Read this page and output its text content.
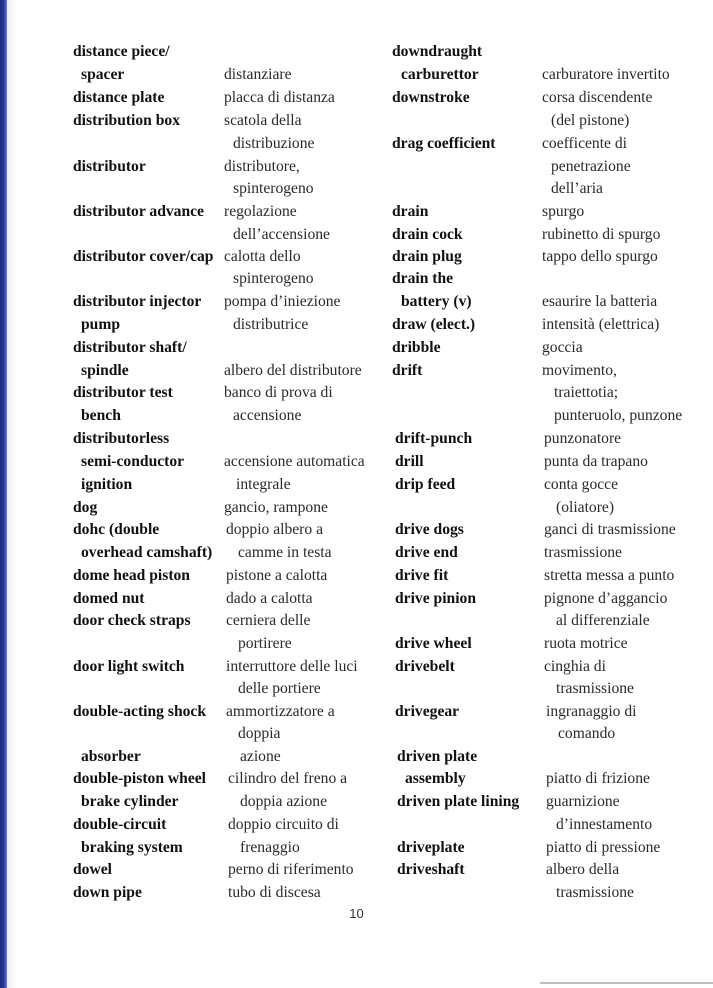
distance piece/
spacer
distance plate
distribution box
distributor
distributor advance
distributor cover/cap
distributor injector
pump
distributor shaft/
spindle
distributor test
bench
distributorless
semi-conductor
ignition
dog
dohc (double
overhead camshaft)
dome head piston
domed nut
door check straps
door light switch
double-acting shock
absorber
double-piston wheel
brake cylinder
double-circuit
braking system
dowel
down pipe
distanziare
placca di distanza
scatola della
distribuzione
distributore,
spinterogeno
regolazione
dell’accensione
calotta dello
spinterogeno
pompa d’iniezione
distributrice
albero del distributore
banco di prova di
accensione
accensione automatica
integrale
gancio, rampone
doppio albero a
camme in testa
pistone a calotta
dado a calotta
cerniera delle
portirere
interruttore delle luci
delle portiere
ammortizzatore a
doppia
azione
cilindro del freno a
doppia azione
doppio circuito di
frenaggio
perno di riferimento
tubo di discesa
downdraught
carburettor
downstroke
drag coefficient
drain
drain cock
drain plug
drain the
battery (v)
draw (elect.)
dribble
drift
drift-punch
drill
drip feed
drive dogs
drive end
drive fit
drive pinion
drive wheel
drivebelt
drivegear
driven plate
assembly
driven plate lining
driveplate
driveshaft
carburatore invertito
corsa discendente
(del pistone)
coefficente di
penetrazione
dell’aria
spurgo
rubinetto di spurgo
tappo dello spurgo
esaurire la batteria
intensità (elettrica)
goccia
movimento,
traiettotia;
punteruolo, punzone
punzonatore
punta da trapano
conta gocce
(oliatore)
ganci di trasmissione
trasmissione
stretta messa a punto
pignone d’aggancio
al differenziale
ruota motrice
cinghia di
trasmissione
ingranaggio di
comando
piatto di frizione
guarnizione
d’innestamento
piatto di pressione
albero della
trasmissione
10
